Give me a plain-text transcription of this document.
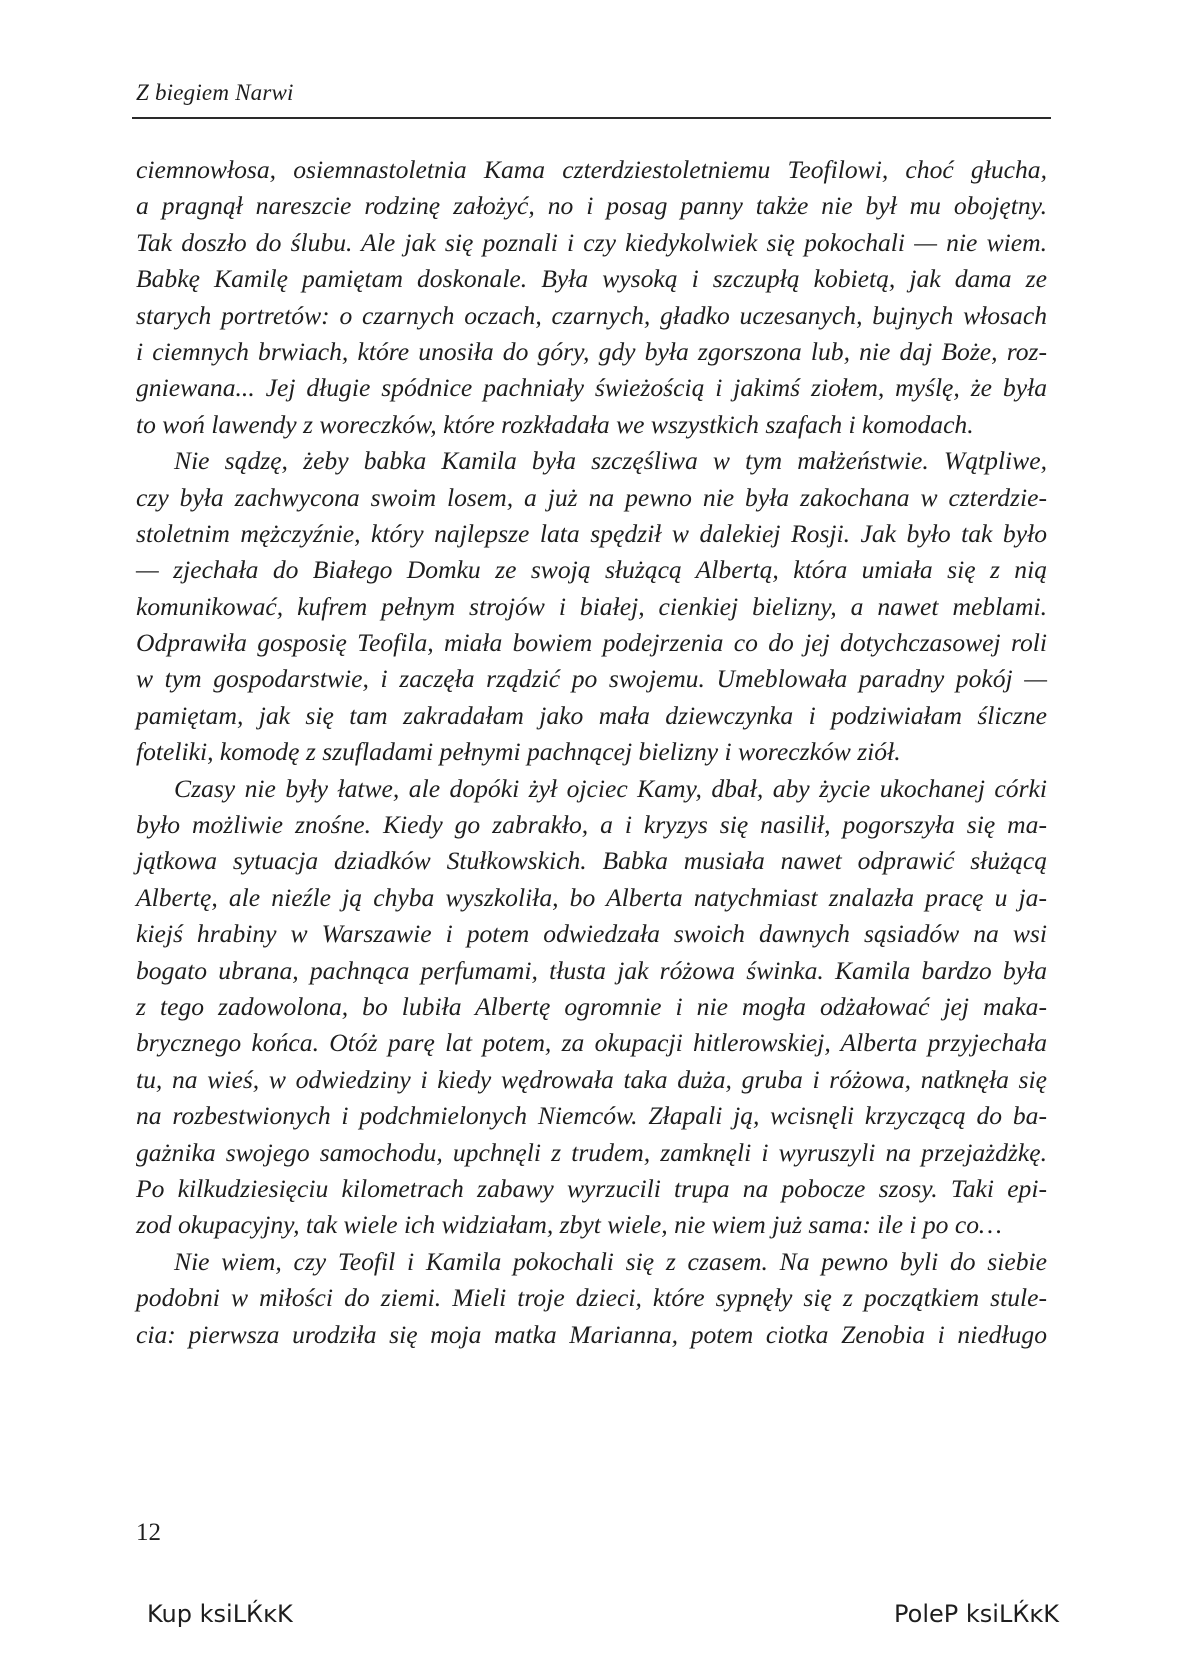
Z biegiem Narwi
ciemnowłosa, osiemnastoletnia Kama czterdziestoletniemu Teofilowi, choć głucha,
a pragnął nareszcie rodzinę założyć, no i posag panny także nie był mu obojętny.
Tak doszło do ślubu. Ale jak się poznali i czy kiedykolwiek się pokochali — nie wiem.
Babkę Kamilę pamiętam doskonale. Była wysoką i szczupłą kobietą, jak dama ze
starych portretów: o czarnych oczach, czarnych, gładko uczesanych, bujnych włosach
i ciemnych brwiach, które unosiła do góry, gdy była zgorszona lub, nie daj Boże, roz-
gniewana... Jej długie spódnice pachniały świeżością i jakimś ziołem, myślę, że była
to woń lawendy z woreczków, które rozkładała we wszystkich szafach i komodach.
Nie sądzę, żeby babka Kamila była szczęśliwa w tym małżeństwie. Wątpliwe,
czy była zachwycona swoim losem, a już na pewno nie była zakochana w czterdzie-
stoletnim mężczyźnie, który najlepsze lata spędził w dalekiej Rosji. Jak było tak było
— zjechała do Białego Domku ze swoją służącą Albertą, która umiała się z nią
komunikować, kufrem pełnym strojów i białej, cienkiej bielizny, a nawet meblami.
Odprawiła gosposię Teofila, miała bowiem podejrzenia co do jej dotychczasowej roli
w tym gospodarstwie, i zaczęła rządzić po swojemu. Umeblowała paradny pokój —
pamiętam, jak się tam zakradałam jako mała dziewczynka i podziwiałam śliczne
foteliki, komodę z szufladami pełnymi pachnącej bielizny i woreczków ziół.
Czasy nie były łatwe, ale dopóki żył ojciec Kamy, dbał, aby życie ukochanej córki
było możliwie znośne. Kiedy go zabrakło, a i kryzys się nasilił, pogorszyła się ma-
jątkowa sytuacja dziadków Stułkowskich. Babka musiała nawet odprawić służącą
Albertę, ale nieźle ją chyba wyszkoliła, bo Alberta natychmiast znalazła pracę u ja-
kiejś hrabiny w Warszawie i potem odwiedzała swoich dawnych sąsiadów na wsi
bogato ubrana, pachnąca perfumami, tłusta jak różowa świnka. Kamila bardzo była
z tego zadowolona, bo lubiła Albertę ogromnie i nie mogła odżałować jej maka-
brycznego końca. Otóż parę lat potem, za okupacji hitlerowskiej, Alberta przyjechała
tu, na wieś, w odwiedziny i kiedy wędrowała taka duża, gruba i różowa, natknęła się
na rozbestwionych i podchmielonych Niemców. Złapali ją, wcisnęli krzyczącą do ba-
gażnika swojego samochodu, upchnęli z trudem, zamknęli i wyruszyli na przejażdżkę.
Po kilkudziesięciu kilometrach zabawy wyrzucili trupa na pobocze szosy. Taki epi-
zod okupacyjny, tak wiele ich widziałam, zbyt wiele, nie wiem już sama: ile i po co…
Nie wiem, czy Teofil i Kamila pokochali się z czasem. Na pewno byli do siebie
podobni w miłości do ziemi. Mieli troje dzieci, które sypnęły się z początkiem stule-
cia: pierwsza urodziła się moja matka Marianna, potem ciotka Zenobia i niedługo
12
Kup ksiLЌĸK	PoleP ksiLЌĸK
